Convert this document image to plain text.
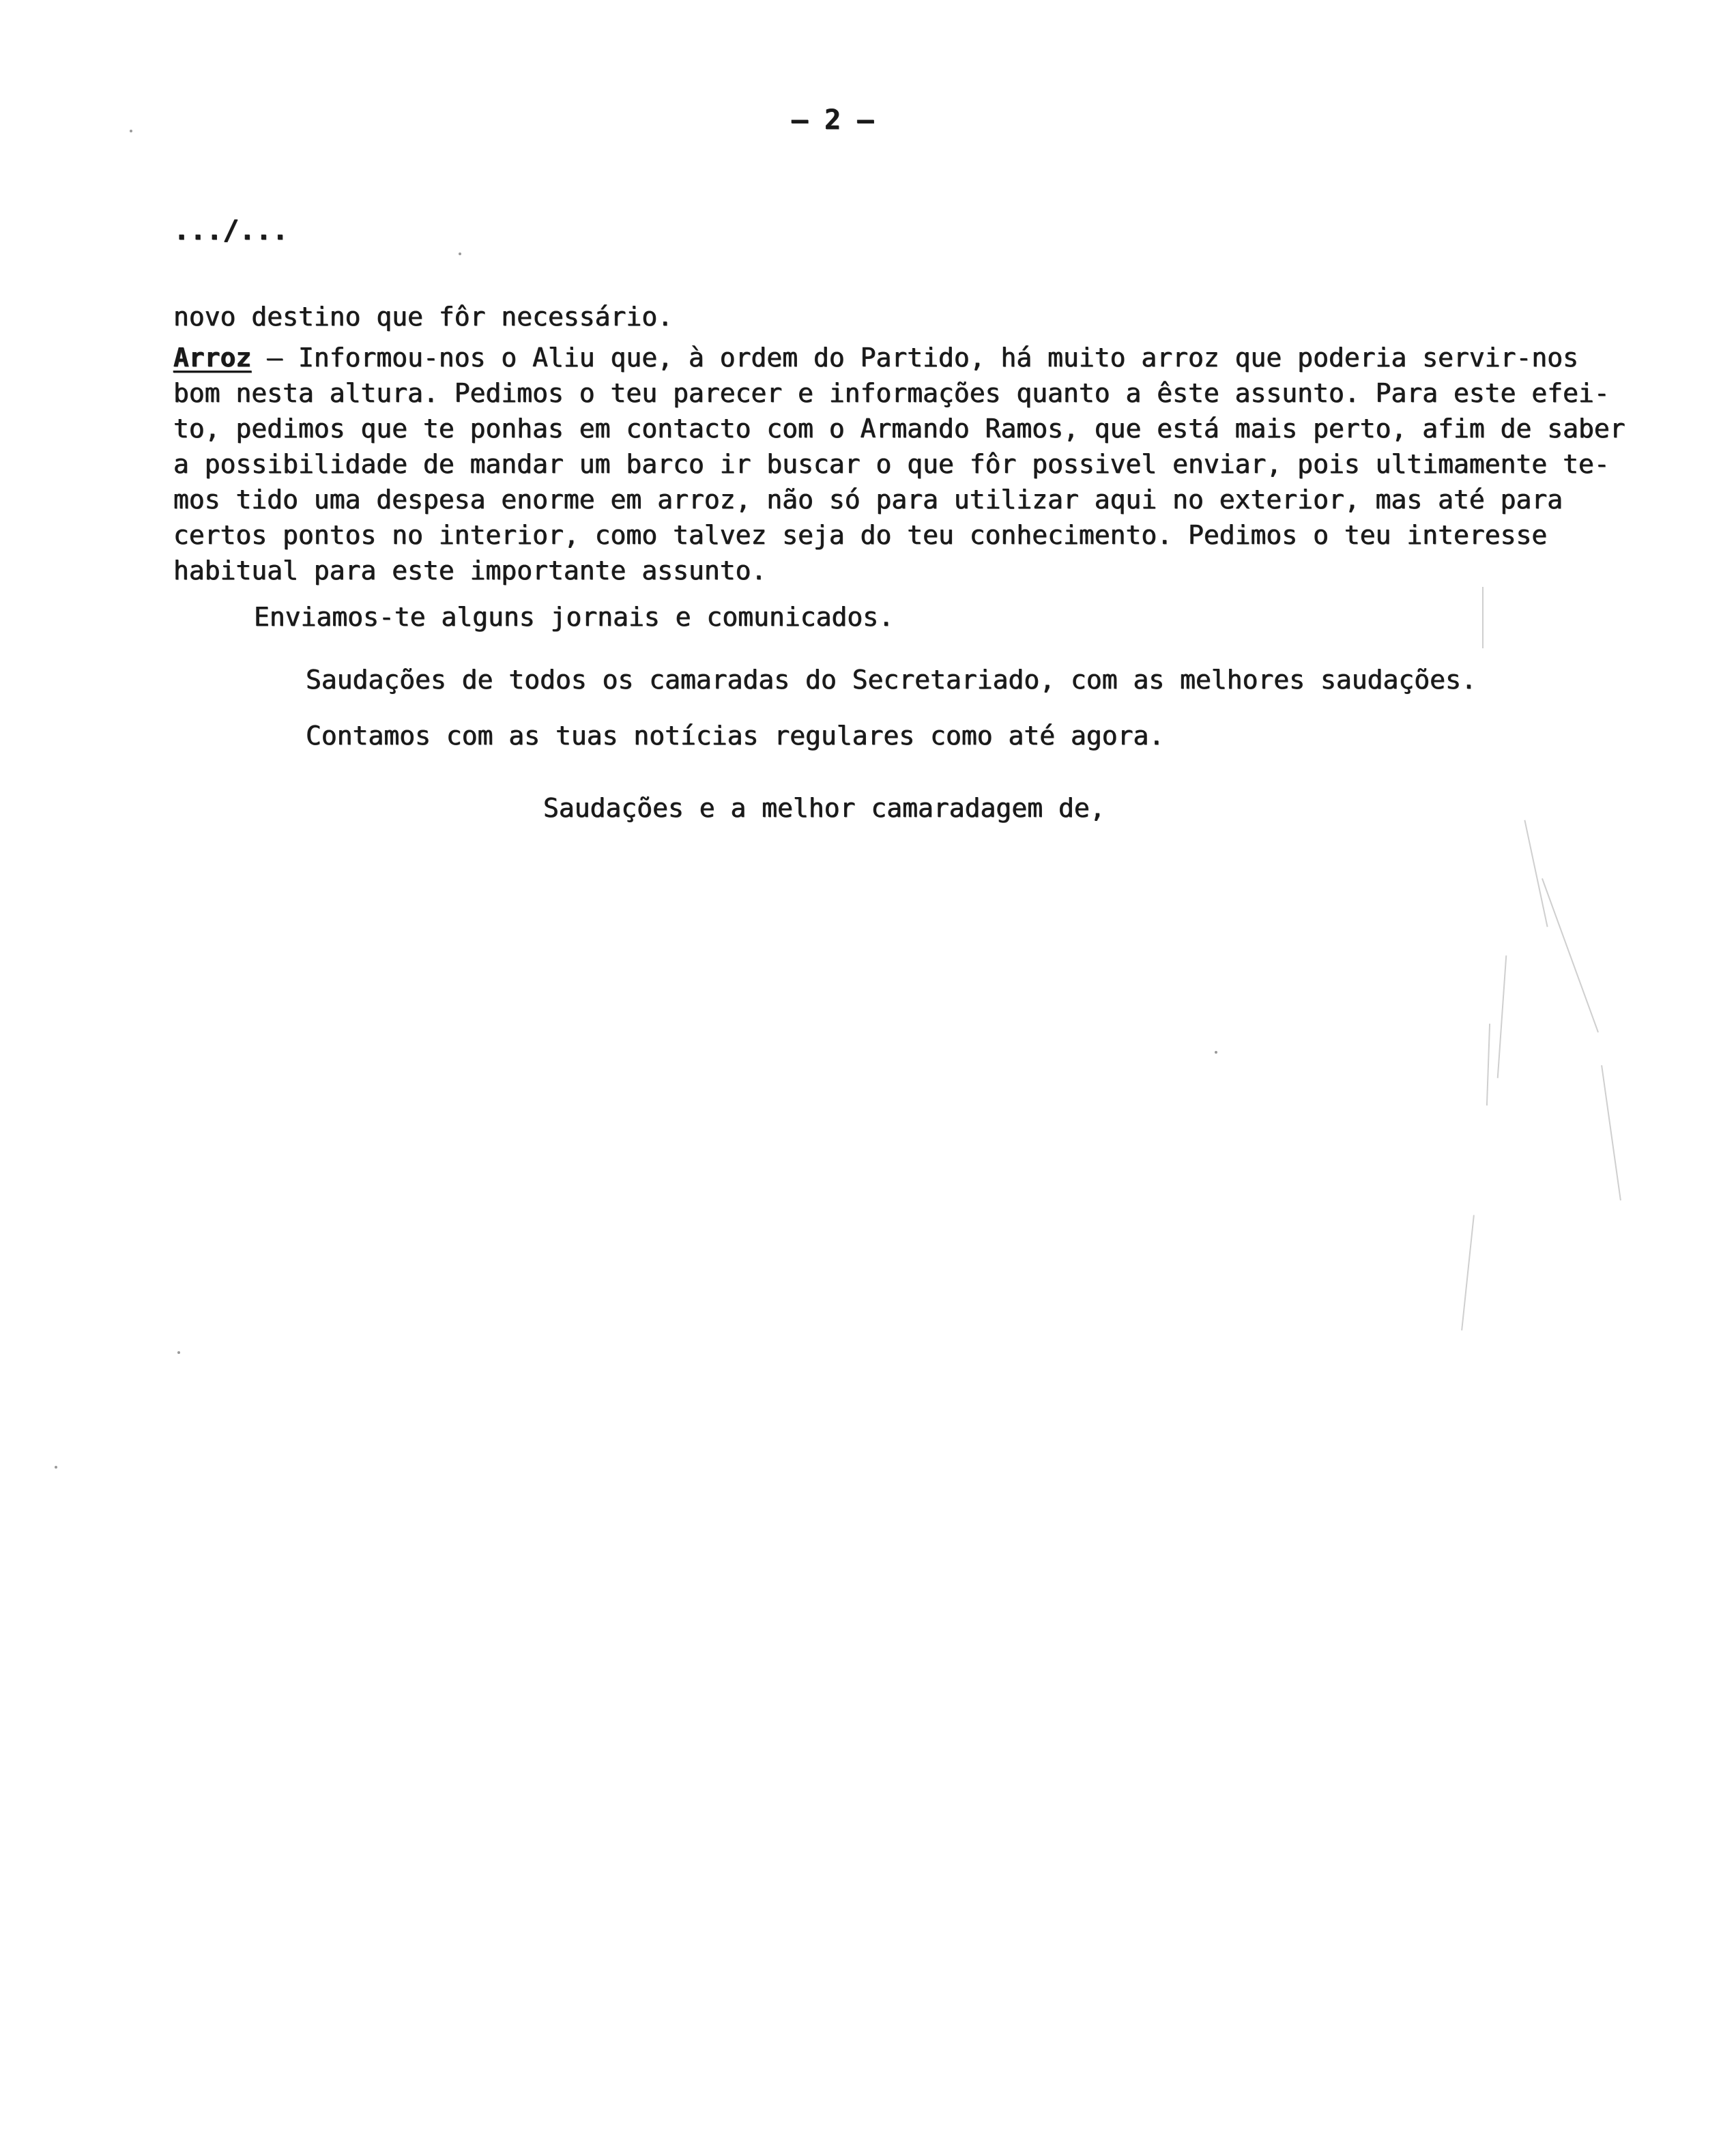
– 2 –
.../...
novo destino que fôr necessário.
Arroz – Informou-nos o Aliu que, à ordem do Partido, há muito arroz que poderia servir-nos
bom nesta altura. Pedimos o teu parecer e informações quanto a êste assunto. Para este efei-
to, pedimos que te ponhas em contacto com o Armando Ramos, que está mais perto, afim de saber
a possibilidade de mandar um barco ir buscar o que fôr possivel enviar, pois ultimamente te-
mos tido uma despesa enorme em arroz, não só para utilizar aqui no exterior, mas até para
certos pontos no interior, como talvez seja do teu conhecimento. Pedimos o teu interesse
habitual para este importante assunto.
Enviamos-te alguns jornais e comunicados.
Saudações de todos os camaradas do Secretariado, com as melhores saudações.
Contamos com as tuas notícias regulares como até agora.
Saudações e a melhor camaradagem de,
